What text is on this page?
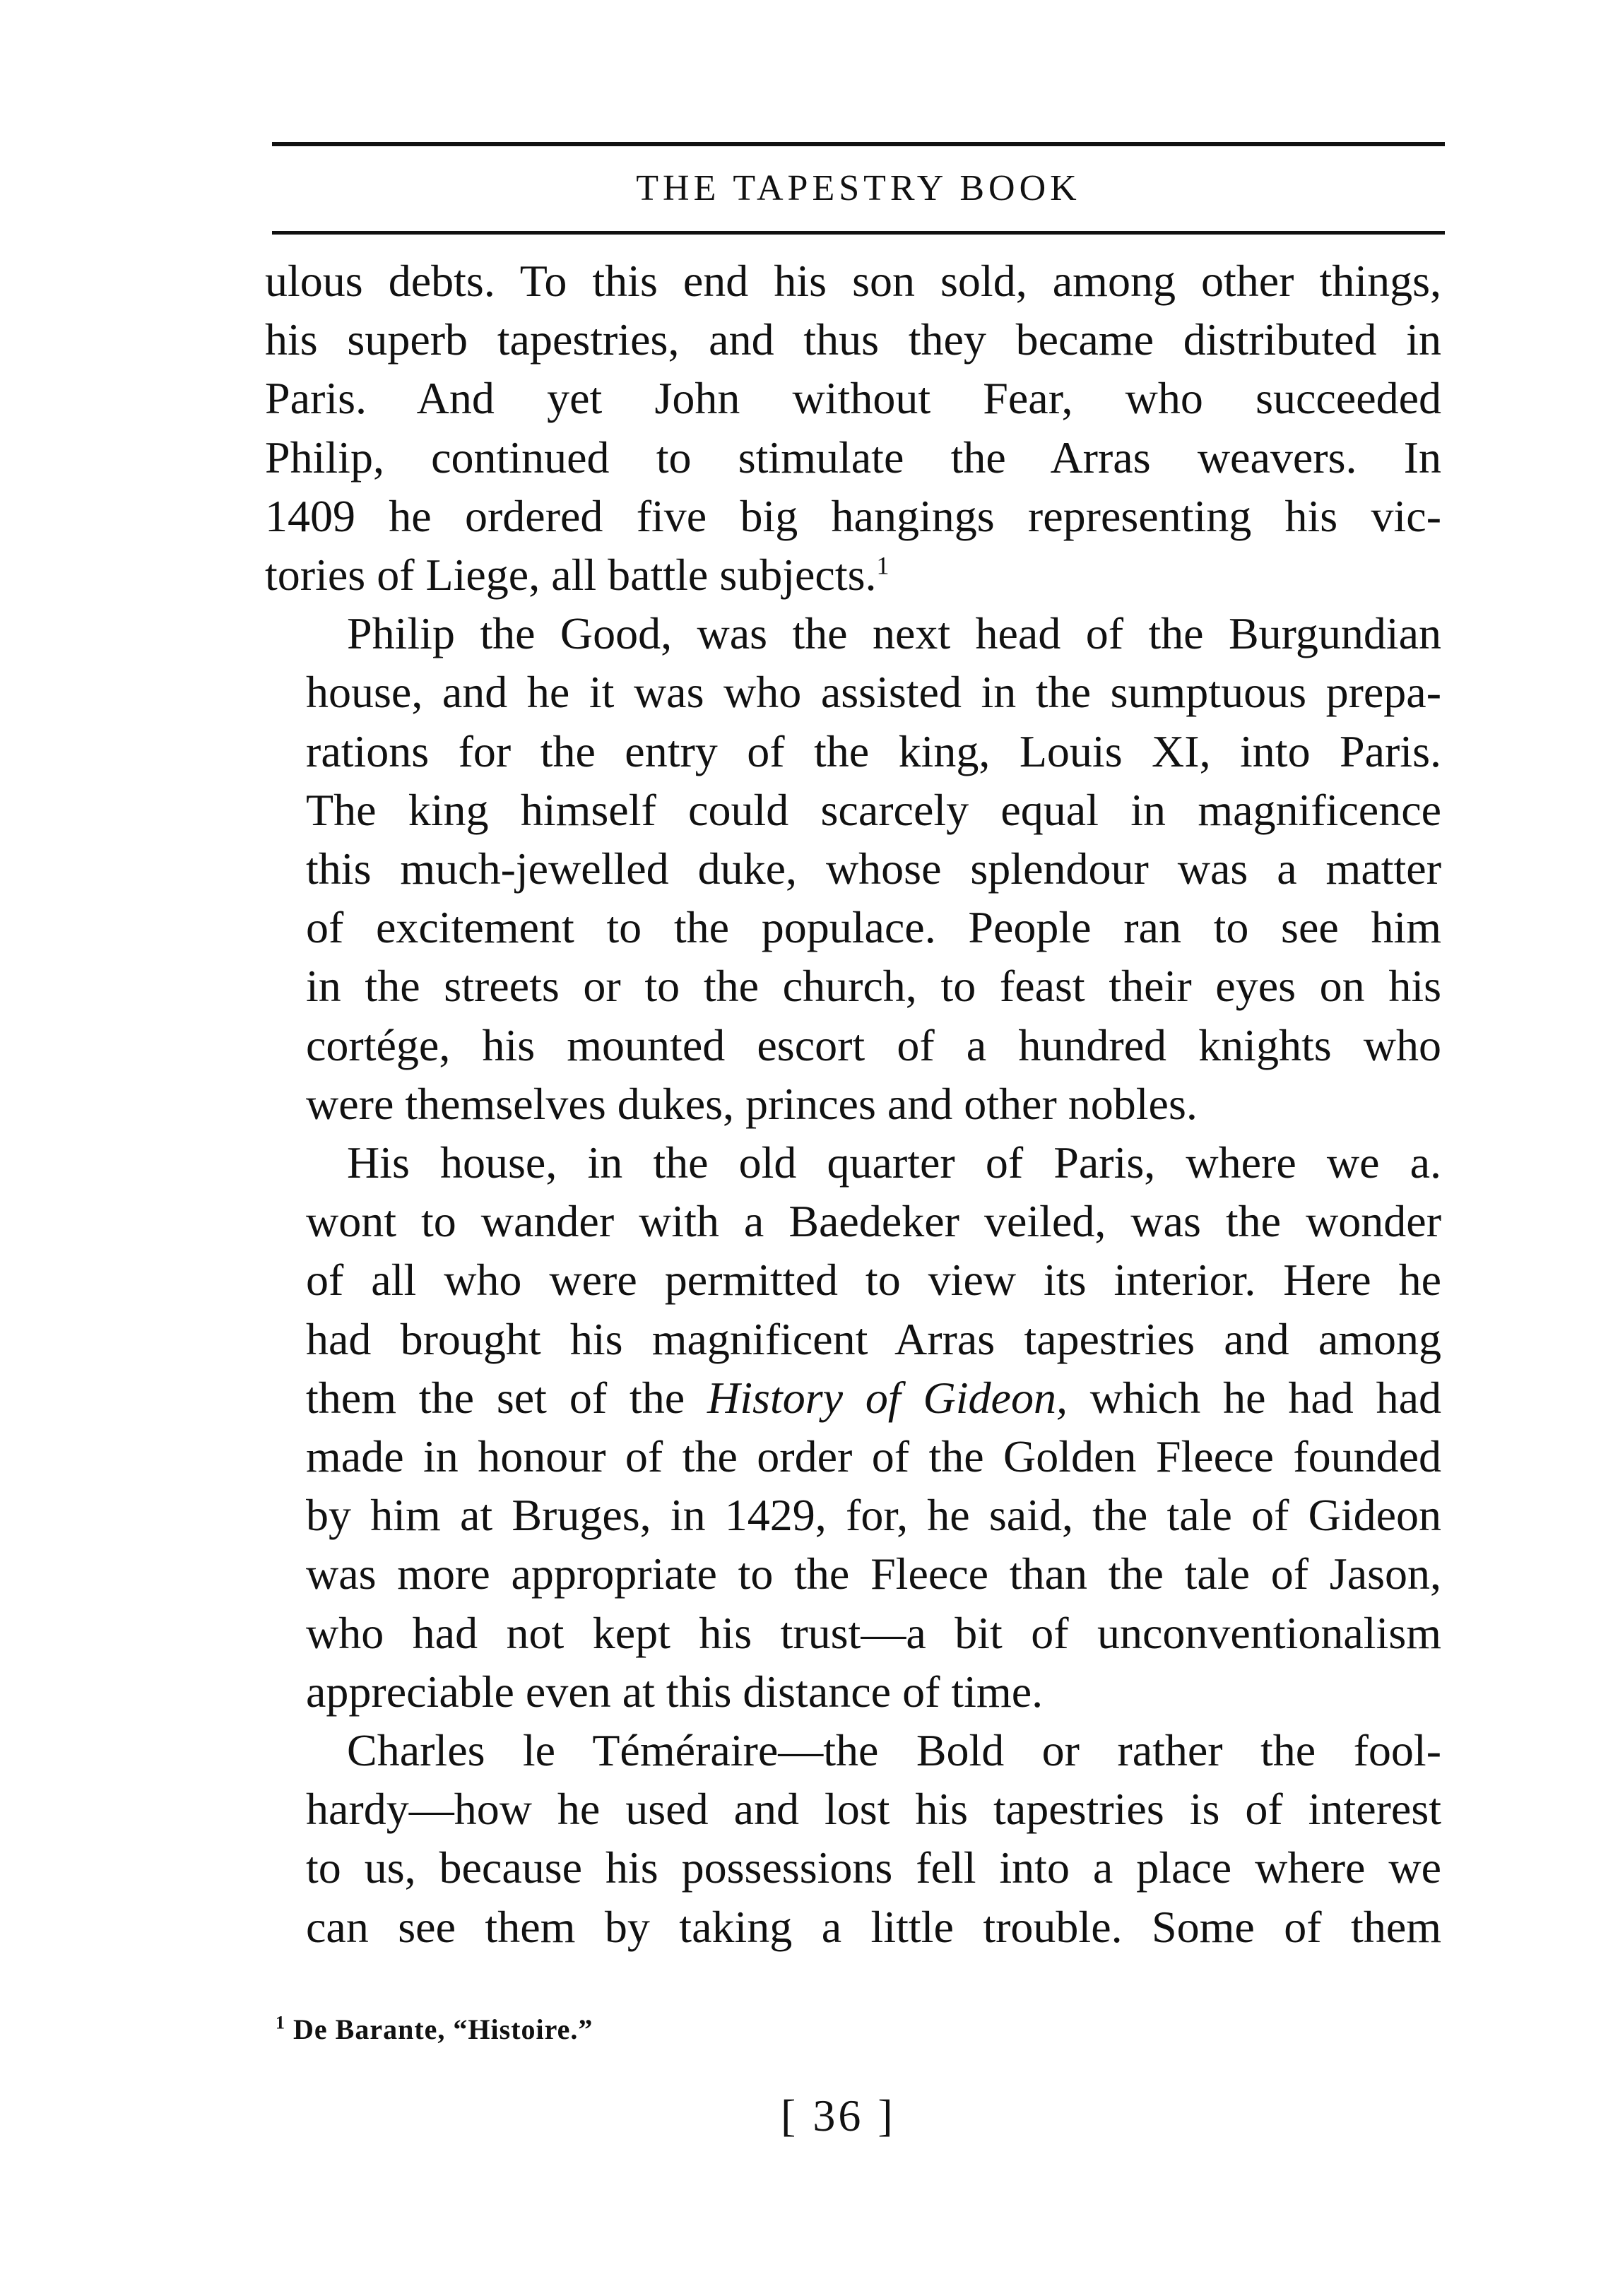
THE TAPESTRY BOOK
ulous debts. To this end his son sold, among other things,
his superb tapestries, and thus they became distributed in
Paris. And yet John without Fear, who succeeded
Philip, continued to stimulate the Arras weavers. In
1409 he ordered five big hangings representing his vic-
tories of Liege, all battle subjects.$^1$
Philip the Good, was the next head of the Burgundian
house, and he it was who assisted in the sumptuous prepa-
rations for the entry of the king, Louis XI, into Paris.
The king himself could scarcely equal in magnificence
this much-jewelled duke, whose splendour was a matter
of excitement to the populace. People ran to see him
in the streets or to the church, to feast their eyes on his
cortége, his mounted escort of a hundred knights who
were themselves dukes, princes and other nobles.
His house, in the old quarter of Paris, where we a.
wont to wander with a Baedeker veiled, was the wonder
of all who were permitted to view its interior. Here he
had brought his magnificent Arras tapestries and among
them the set of the History of Gideon, which he had had
made in honour of the order of the Golden Fleece founded
by him at Bruges, in 1429, for, he said, the tale of Gideon
was more appropriate to the Fleece than the tale of Jason,
who had not kept his trust—a bit of unconventionalism
appreciable even at this distance of time.
Charles le Téméraire—the Bold or rather the fool-
hardy—how he used and lost his tapestries is of interest
to us, because his possessions fell into a place where we
can see them by taking a little trouble. Some of them
$^1$ De Barante, “Histoire.”
[ 36 ]
